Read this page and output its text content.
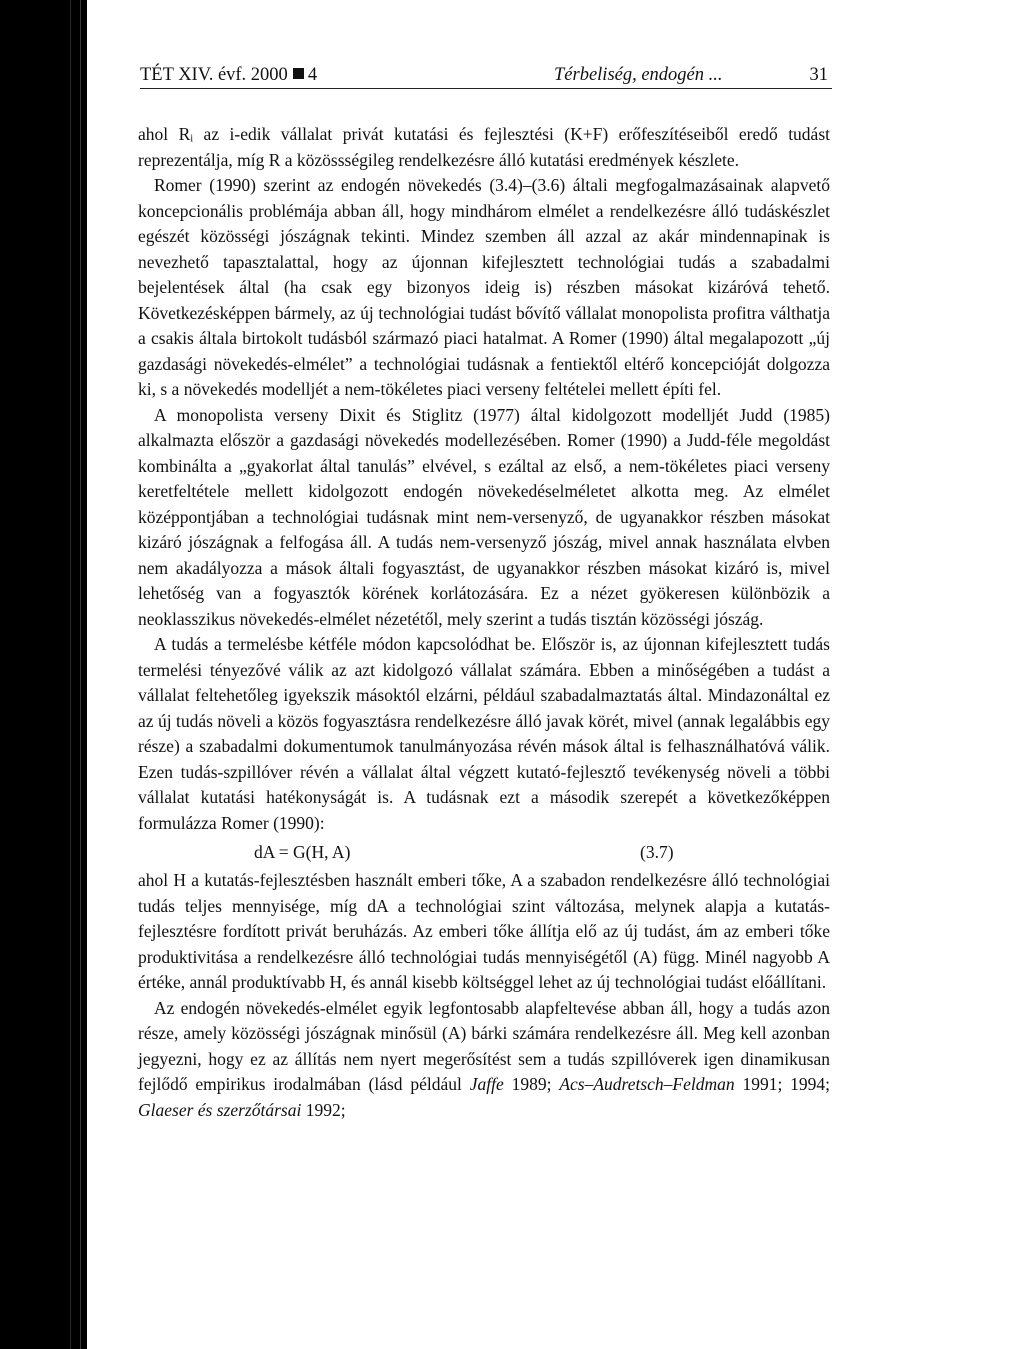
TÉT XIV. évf. 2000 4	Térbeliség, endogén ...	31

ahol Rᵢ az i-edik vállalat privát kutatási és fejlesztési (K+F) erőfeszítéseiből eredő tudást reprezentálja, míg R a közössségileg rendelkezésre álló kutatási eredmények készlete.

Romer (1990) szerint az endogén növekedés (3.4)–(3.6) általi megfogalmazásainak alapvető koncepcionális problémája abban áll, hogy mindhárom elmélet a rendelkezésre álló tudáskészlet egészét közösségi jószágnak tekinti. Mindez szemben áll azzal az akár mindennapinak is nevezhető tapasztalattal, hogy az újonnan kifejlesztett technológiai tudás a szabadalmi bejelentések által (ha csak egy bizonyos ideig is) részben másokat kizáróvá tehető. Következésképpen bármely, az új technológiai tudást bővítő vállalat monopolista profitra válthatja a csakis általa birtokolt tudásból származó piaci hatalmat. A Romer (1990) által megalapozott „új gazdasági növekedés-elmélet” a technológiai tudásnak a fentiektől eltérő koncepcióját dolgozza ki, s a növekedés modelljét a nem-tökéletes piaci verseny feltételei mellett építi fel.

A monopolista verseny Dixit és Stiglitz (1977) által kidolgozott modelljét Judd (1985) alkalmazta először a gazdasági növekedés modellezésében. Romer (1990) a Judd-féle megoldást kombinálta a „gyakorlat által tanulás” elvével, s ezáltal az első, a nem-tökéletes piaci verseny keretfeltétele mellett kidolgozott endogén növekedéselméletet alkotta meg. Az elmélet középpontjában a technológiai tudásnak mint nem-versenyző, de ugyanakkor részben másokat kizáró jószágnak a felfogása áll. A tudás nem-versenyző jószág, mivel annak használata elvben nem akadályozza a mások általi fogyasztást, de ugyanakkor részben másokat kizáró is, mivel lehetőség van a fogyasztók körének korlátozására. Ez a nézet gyökeresen különbözik a neoklasszikus növekedés-elmélet nézetétől, mely szerint a tudás tisztán közösségi jószág.

A tudás a termelésbe kétféle módon kapcsolódhat be. Először is, az újonnan kifejlesztett tudás termelési tényezővé válik az azt kidolgozó vállalat számára. Ebben a minőségében a tudást a vállalat feltehetőleg igyekszik másoktól elzárni, például szabadalmaztatás által. Mindazonáltal ez az új tudás növeli a közös fogyasztásra rendelkezésre álló javak körét, mivel (annak legalábbis egy része) a szabadalmi dokumentumok tanulmányozása révén mások által is felhasználhatóvá válik. Ezen tudás-szpillóver révén a vállalat által végzett kutató-fejlesztő tevékenység növeli a többi vállalat kutatási hatékonyságát is. A tudásnak ezt a második szerepét a következőképpen formulázza Romer (1990):

dA = G(H, A)	(3.7)

ahol H a kutatás-fejlesztésben használt emberi tőke, A a szabadon rendelkezésre álló technológiai tudás teljes mennyisége, míg dA a technológiai szint változása, melynek alapja a kutatás-fejlesztésre fordított privát beruházás. Az emberi tőke állítja elő az új tudást, ám az emberi tőke produktivitása a rendelkezésre álló technológiai tudás mennyiségétől (A) függ. Minél nagyobb A értéke, annál produktívabb H, és annál kisebb költséggel lehet az új technológiai tudást előállítani.

Az endogén növekedés-elmélet egyik legfontosabb alapfeltevése abban áll, hogy a tudás azon része, amely közösségi jószágnak minősül (A) bárki számára rendelkezésre áll. Meg kell azonban jegyezni, hogy ez az állítás nem nyert megerősítést sem a tudás szpillóverek igen dinamikusan fejlődő empirikus irodalmában (lásd például Jaffe 1989; Acs–Audretsch–Feldman 1991; 1994; Glaeser és szerzőtársai 1992;
